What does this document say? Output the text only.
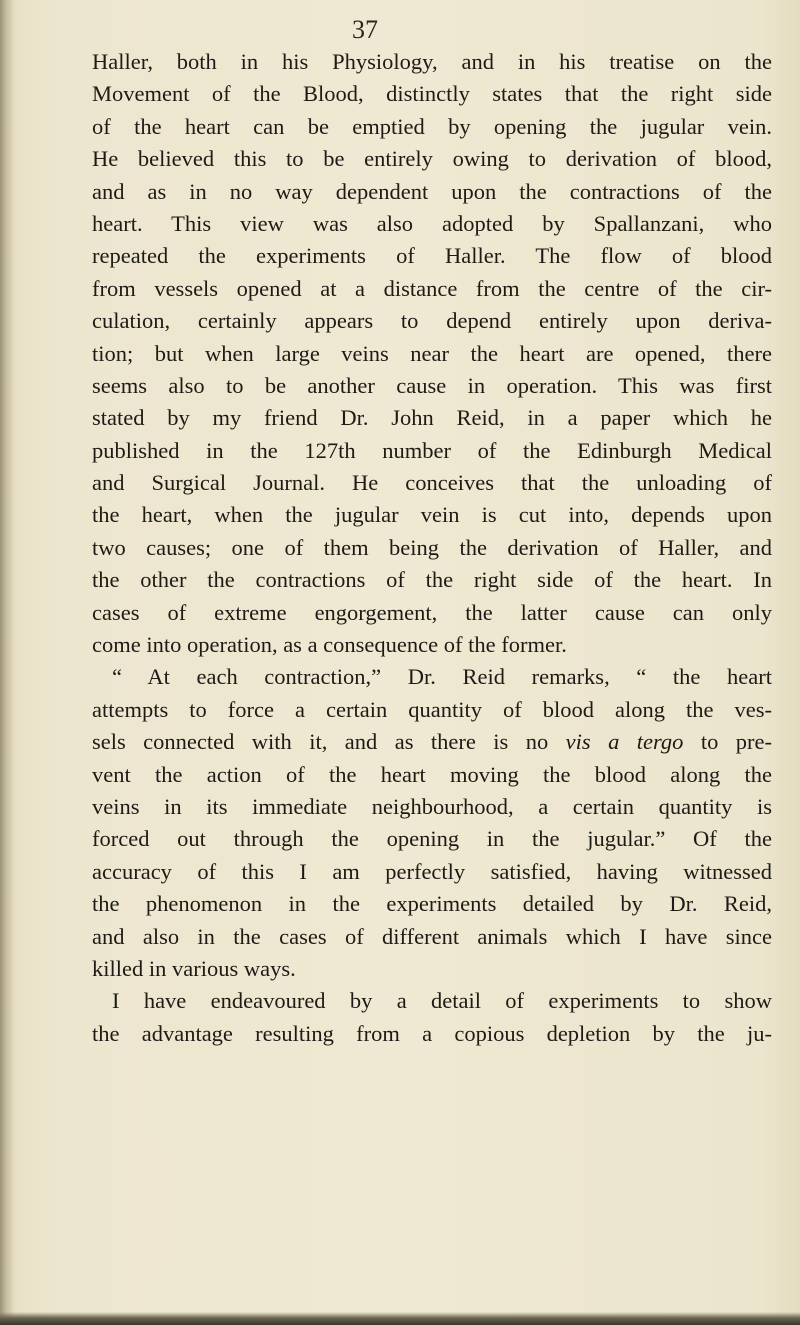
37
Haller, both in his Physiology, and in his treatise on the
Movement of the Blood, distinctly states that the right side
of the heart can be emptied by opening the jugular vein.
He believed this to be entirely owing to derivation of blood,
and as in no way dependent upon the contractions of the
heart. This view was also adopted by Spallanzani, who
repeated the experiments of Haller. The flow of blood
from vessels opened at a distance from the centre of the cir-
culation, certainly appears to depend entirely upon deriva-
tion; but when large veins near the heart are opened, there
seems also to be another cause in operation. This was first
stated by my friend Dr. John Reid, in a paper which he
published in the 127th number of the Edinburgh Medical
and Surgical Journal. He conceives that the unloading of
the heart, when the jugular vein is cut into, depends upon
two causes; one of them being the derivation of Haller, and
the other the contractions of the right side of the heart. In
cases of extreme engorgement, the latter cause can only
come into operation, as a consequence of the former.
“ At each contraction,” Dr. Reid remarks, “ the heart
attempts to force a certain quantity of blood along the ves-
sels connected with it, and as there is no vis a tergo to pre-
vent the action of the heart moving the blood along the
veins in its immediate neighbourhood, a certain quantity is
forced out through the opening in the jugular.” Of the
accuracy of this I am perfectly satisfied, having witnessed
the phenomenon in the experiments detailed by Dr. Reid,
and also in the cases of different animals which I have since
killed in various ways.
I have endeavoured by a detail of experiments to show
the advantage resulting from a copious depletion by the ju-
